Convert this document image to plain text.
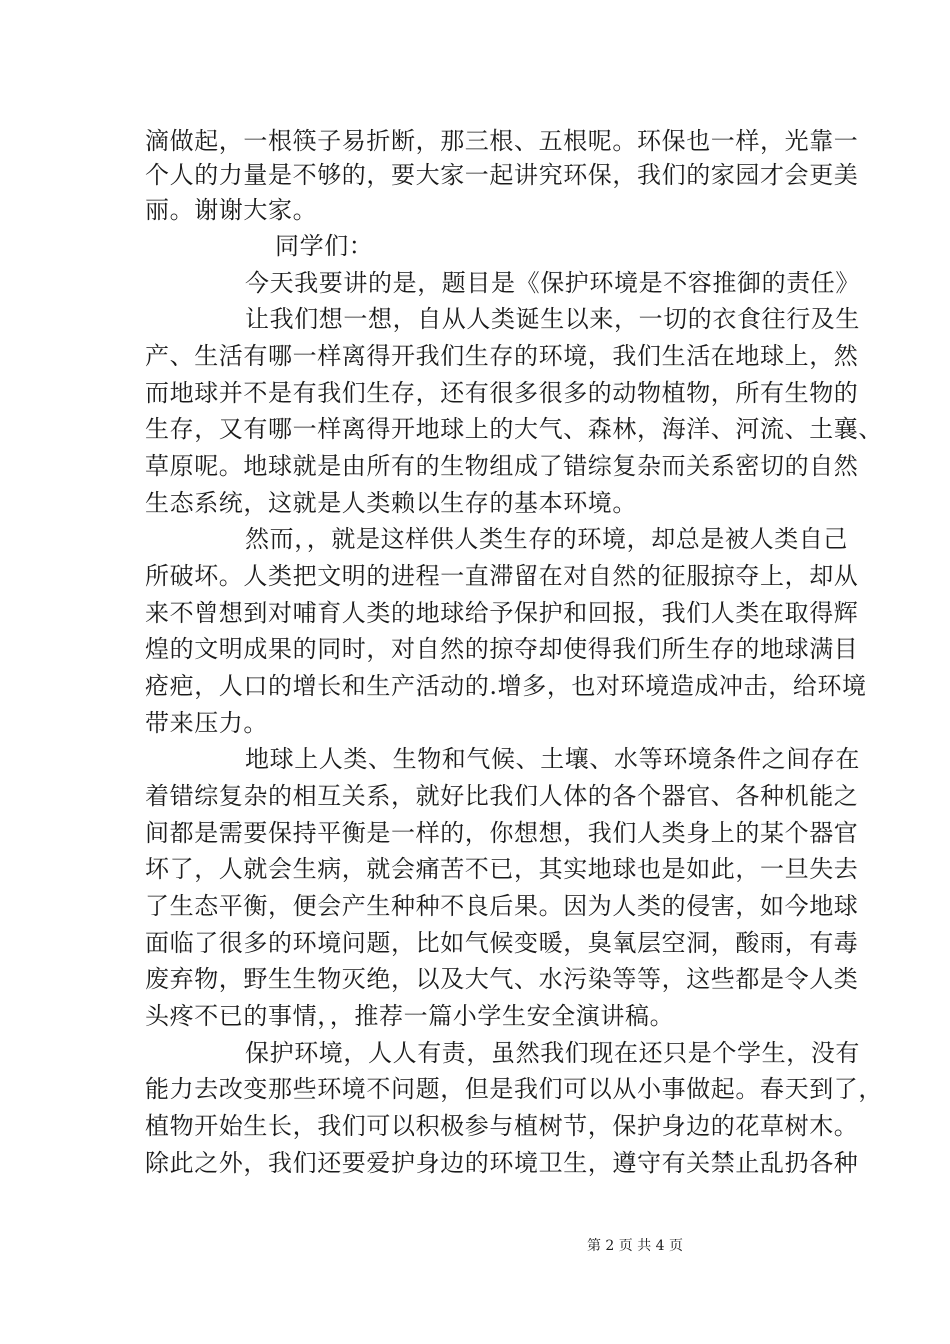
滴做起，一根筷子易折断，那三根、五根呢。环保也一样，光靠一
个人的力量是不够的，要大家一起讲究环保，我们的家园才会更美
丽。谢谢大家。
同学们：
今天我要讲的是，题目是《保护环境是不容推御的责任》
让我们想一想，自从人类诞生以来，一切的衣食往行及生
产、生活有哪一样离得开我们生存的环境，我们生活在地球上，然
而地球并不是有我们生存，还有很多很多的动物植物，所有生物的
生存，又有哪一样离得开地球上的大气、森林，海洋、河流、土襄、
草原呢。地球就是由所有的生物组成了错综复杂而关系密切的自然
生态系统，这就是人类赖以生存的基本环境。
然而，，就是这样供人类生存的环境，却总是被人类自己
所破坏。人类把文明的进程一直滞留在对自然的征服掠夺上，却从
来不曾想到对哺育人类的地球给予保护和回报，我们人类在取得辉
煌的文明成果的同时，对自然的掠夺却使得我们所生存的地球满目
疮疤，人口的增长和生产活动的.增多，也对环境造成冲击，给环境
带来压力。
地球上人类、生物和气候、土壤、水等环境条件之间存在
着错综复杂的相互关系，就好比我们人体的各个器官、各种机能之
间都是需要保持平衡是一样的，你想想，我们人类身上的某个器官
坏了，人就会生病，就会痛苦不已，其实地球也是如此，一旦失去
了生态平衡，便会产生种种不良后果。因为人类的侵害，如今地球
面临了很多的环境问题，比如气候变暖，臭氧层空洞，酸雨，有毒
废弃物，野生生物灭绝，以及大气、水污染等等，这些都是令人类
头疼不已的事情，，推荐一篇小学生安全演讲稿。
保护环境，人人有责，虽然我们现在还只是个学生，没有
能力去改变那些环境不问题，但是我们可以从小事做起。春天到了，
植物开始生长，我们可以积极参与植树节，保护身边的花草树木。
除此之外，我们还要爱护身边的环境卫生，遵守有关禁止乱扔各种
第 2 页 共 4 页
